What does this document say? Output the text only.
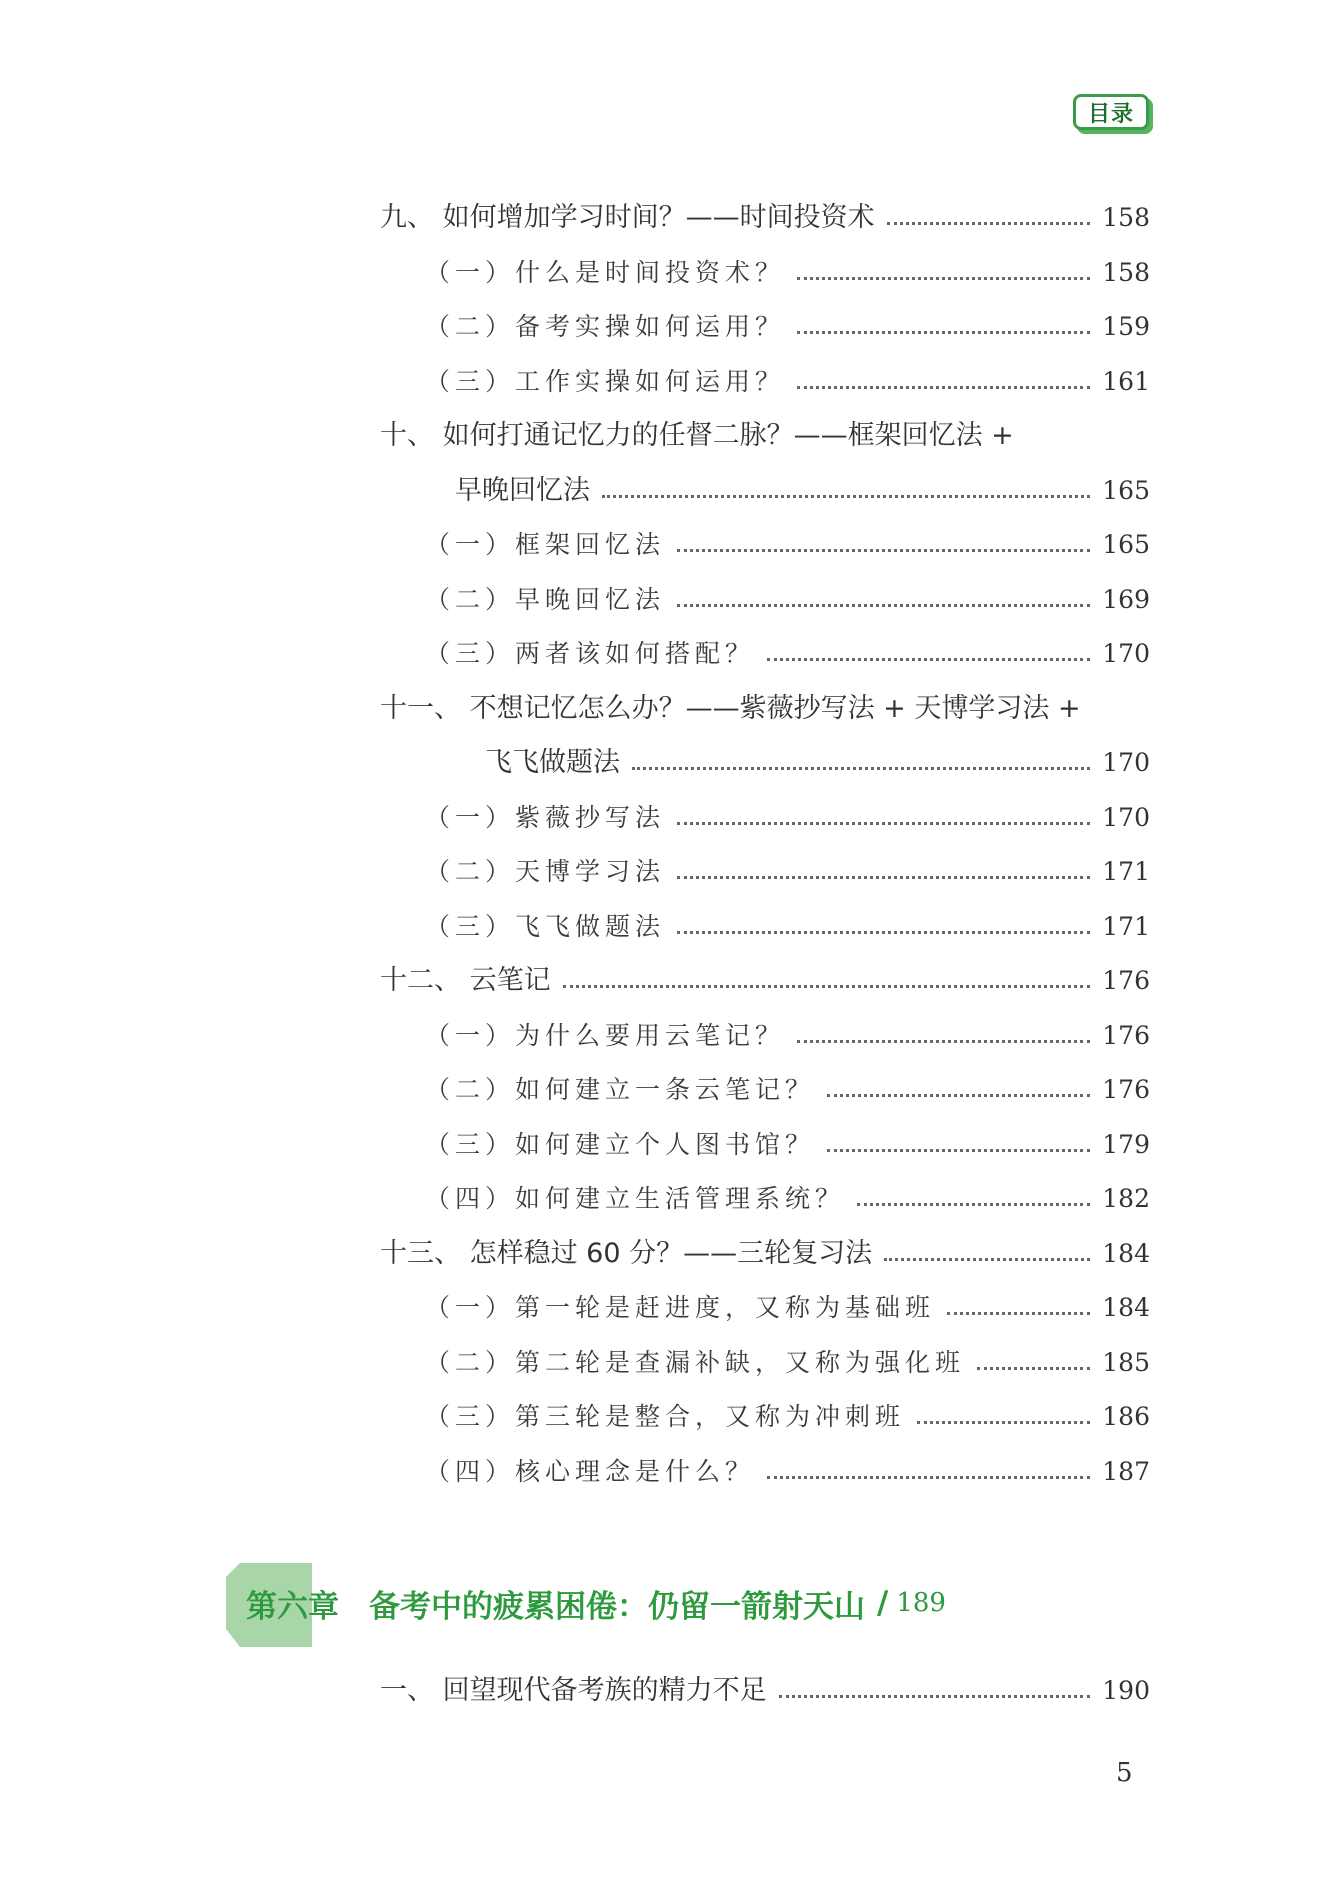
目录
九、 如何增加学习时间？——时间投资术	158
（一）什么是时间投资术？	158
（二）备考实操如何运用？	159
（三）工作实操如何运用？	161
十、 如何打通记忆力的任督二脉？——框架回忆法 +
早晚回忆法	165
（一）框架回忆法	165
（二）早晚回忆法	169
（三）两者该如何搭配？	170
十一、 不想记忆怎么办？——紫薇抄写法 + 天博学习法 +
飞飞做题法	170
（一）紫薇抄写法	170
（二）天博学习法	171
（三）飞飞做题法	171
十二、 云笔记	176
（一）为什么要用云笔记？	176
（二）如何建立一条云笔记？	176
（三）如何建立个人图书馆？	179
（四）如何建立生活管理系统？	182
十三、 怎样稳过 60 分？——三轮复习法	184
（一）第一轮是赶进度，又称为基础班	184
（二）第二轮是查漏补缺，又称为强化班	185
（三）第三轮是整合，又称为冲刺班	186
（四）核心理念是什么？	187
第六章 备考中的疲累困倦：仍留一箭射天山 / 189
一、 回望现代备考族的精力不足	190
5
